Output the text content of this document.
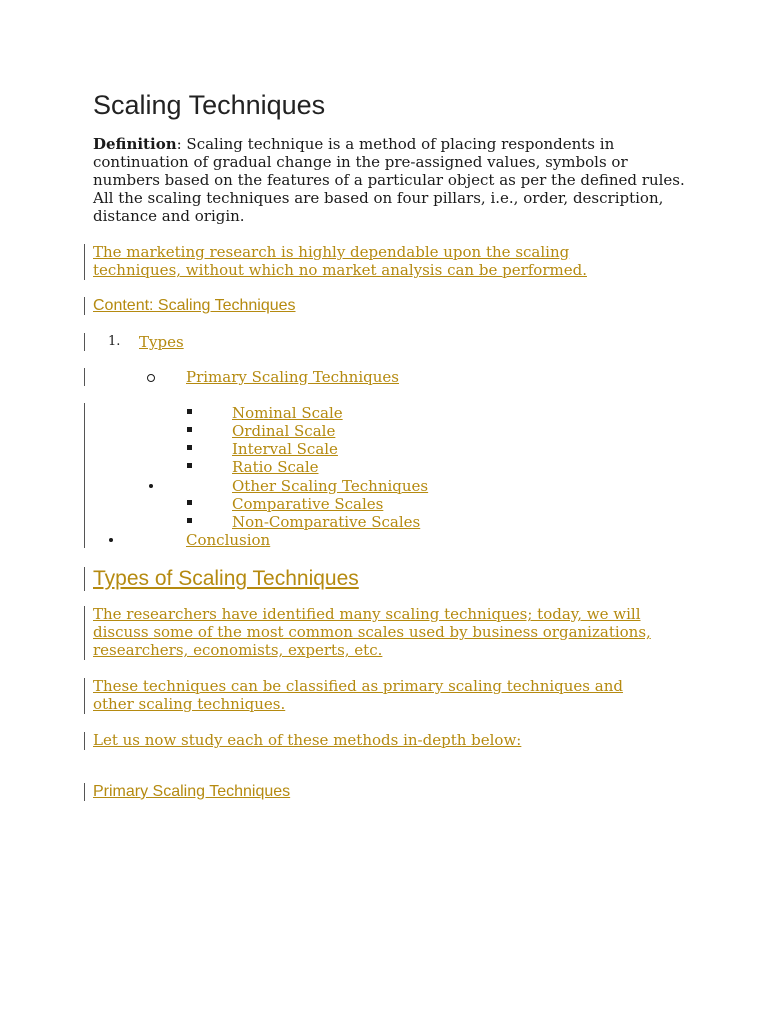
Scaling Techniques

Definition: Scaling technique is a method of placing respondents in continuation of gradual change in the pre-assigned values, symbols or numbers based on the features of a particular object as per the defined rules. All the scaling techniques are based on four pillars, i.e., order, description, distance and origin.

The marketing research is highly dependable upon the scaling techniques, without which no market analysis can be performed.
Content: Scaling Techniques
1. Types
Primary Scaling Techniques
Nominal Scale
Ordinal Scale
Interval Scale
Ratio Scale
Other Scaling Techniques
Comparative Scales
Non-Comparative Scales
Conclusion
Types of Scaling Techniques
The researchers have identified many scaling techniques; today, we will discuss some of the most common scales used by business organizations, researchers, economists, experts, etc.
These techniques can be classified as primary scaling techniques and other scaling techniques.
Let us now study each of these methods in-depth below:
Primary Scaling Techniques
